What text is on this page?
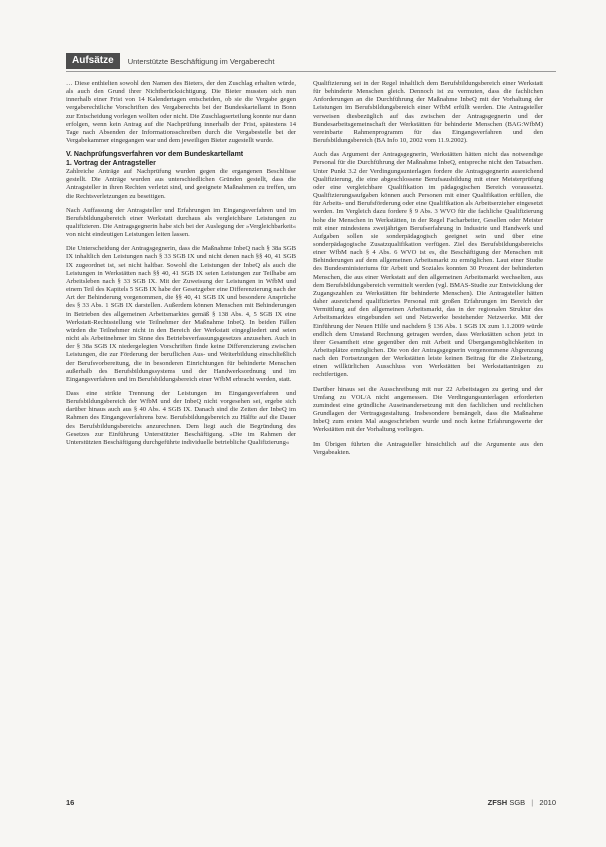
Aufsätze	Unterstützte Beschäftigung im Vergaberecht

… Diese enthielten sowohl den Namen des Bieters, der den Zuschlag erhalten würde, als auch den Grund ihrer Nichtberücksichtigung. Die Bieter mussten sich nun innerhalb einer Frist von 14 Kalendertagen entscheiden, ob sie die Vergabe gegen vergaberechtliche Vorschriften des Vergaberechts bei der Bundeskartellamt in Bonn zur Entscheidung vorlegen wollten oder nicht. Die Zuschlagserteilung konnte nur dann erfolgen, wenn kein Antrag auf die Nachprüfung innerhalb der Frist, spätestens 14 Tage nach Absenden der Informationsschreiben durch die Vergabestelle bei der Vergabekammer eingegangen war und dem jeweiligen Bieter zugestellt wurde.

V. Nachprüfungsverfahren vor dem Bundeskartellamt
1. Vortrag der Antragsteller

Zahlreiche Anträge auf Nachprüfung wurden gegen die ergangenen Beschlüsse gestellt. Die Anträge wurden aus unterschiedlichen Gründen gestellt, dass die Antragsteller in ihren Rechten verletzt sind, und geeignete Maßnahmen zu treffen, um die Rechtsverletzungen zu beseitigen.

Nach Auffassung der Antragsteller und Erfahrungen im Eingangsverfahren und im Berufsbildungsbereich einer Werkstatt durchaus als vergleichbare Leistungen zu qualifizieren. Die Antragsgegnerin habe sich bei der Auslegung der »Vergleichbarkeit« von nicht eindeutigen Leistungen leiten lassen.

Die Unterscheidung der Antragsgegnerin, dass die Maßnahme InbeQ nach § 38a SGB IX inhaltlich den Leistungen nach § 33 SGB IX und nicht denen nach §§ 40, 41 SGB IX zugeordnet ist, sei nicht haltbar. Sowohl die Leistungen der InbeQ als auch die Leistungen in Werkstätten nach §§ 40, 41 SGB IX seien Leistungen zur Teilhabe am Arbeitsleben nach § 33 SGB IX. Mit der Zuweisung der Leistungen in WfbM und einem Teil des Kapitels 5 SGB IX habe der Gesetzgeber eine Differenzierung nach der Art der Behinderung vorgenommen, die §§ 40, 41 SGB IX und besondere Ansprüche des § 33 Abs. 1 SGB IX darstellen. Außerdem können Menschen mit Behinderungen in Betrieben des allgemeinen Arbeitsmarktes gemäß § 138 Abs. 4, 5 SGB IX eine Werkstatt-Rechtsstellung wie Teilnehmer der Maßnahme InbeQ. In beiden Fällen würden die Teilnehmer nicht in den Bereich der Werkstatt eingegliedert und seien nicht als Arbeitnehmer im Sinne des Betriebsverfassungsgesetzes anzusehen. Auch in der § 38a SGB IX niedergelegten Vorschriften finde keine Differenzierung zwischen Leistungen, die zur Förderung der beruflichen Aus- und Weiterbildung einschließlich der Berufsvorbereitung, die in besonderen Einrichtungen für behinderte Menschen außerhalb des Berufsbildungssystems und der Handwerksordnung und im Eingangsverfahren und im Berufsbildungsbereich einer WfbM erbracht werden, statt.

Dass eine strikte Trennung der Leistungen im Eingangsverfahren und Berufsbildungsbereich der WfbM und der InbeQ nicht vorgesehen sei, ergebe sich darüber hinaus auch aus § 40 Abs. 4 SGB IX. Danach sind die Zeiten der InbeQ im Rahmen des Eingangsverfahrens bzw. Berufsbildungsbereich zu Hälfte auf die Dauer des Berufsbildungsbereichs anzurechnen. Dem liegt auch die Begründung des Gesetzes zur Einführung Unterstützter Beschäftigung. »Die im Rahmen der Unterstützten Beschäftigung durchgeführte individuelle betriebliche Qualifizierung«

Qualifizierung sei in der Regel inhaltlich dem Berufsbildungsbereich einer Werkstatt für behinderte Menschen gleich. Dennoch ist zu vermuten, dass die fachlichen Anforderungen an die Durchführung der Maßnahme InbeQ mit der Vorhaltung der Leistungen im Berufsbildungsbereich einer WfbM erfüllt werden. Die Antragsteller verweisen diesbezüglich auf das zwischen der Antragsgegnerin und der Bundesarbeitsgemeinschaft der Werkstätten für behinderte Menschen (BAG:WfbM) vereinbarte Rahmenprogramm für das Eingangsverfahren und den Berufsbildungsbereich (BA Info 10, 2002 vom 11.9.2002).

Auch das Argument der Antragsgegnerin, Werkstätten hätten nicht das notwendige Personal für die Durchführung der Maßnahme InbeQ, entspreche nicht den Tatsachen. Unter Punkt 3.2 der Verdingungsunterlagen fordere die Antragsgegnerin ausreichend Qualifizierung, die eine abgeschlossene Berufsausbildung mit einer Meisterprüfung oder eine vergleichbare Qualifikation im pädagogischen Bereich voraussetzt. Qualifizierungsaufgaben können auch Personen mit einer Qualifikation erfüllen, die für Arbeits- und Berufsförderung oder eine Qualifikation als Arbeitserzieher eingesetzt werden. Im Vergleich dazu fordere § 9 Abs. 3 WVO für die fachliche Qualifizierung hohe die Menschen in Werkstätten, in der Regel Facharbeiter, Gesellen oder Meister mit einer mindestens zweijährigen Berufserfahrung in Industrie und Handwerk und Aufgaben sollen sie sonderpädagogisch geeignet sein und über eine sonderpädagogische Zusatzqualifikation verfügen. Ziel des Berufsbildungsbereichs einer WfbM nach § 4 Abs. 6 WVO ist es, die Beschäftigung der Menschen mit Behinderungen auf dem allgemeinen Arbeitsmarkt zu ermöglichen. Laut einer Studie des Bundesministeriums für Arbeit und Soziales konnten 30 Prozent der behinderten Menschen, die aus einer Werkstatt auf den allgemeinen Arbeitsmarkt wechselten, aus dem Berufsbildungsbereich vermittelt werden (vgl. BMAS-Studie zur Entwicklung der Zugangszahlen zu Werkstätten für behinderte Menschen). Die Antragsteller hätten daher ausreichend qualifiziertes Personal mit großen Erfahrungen im Bereich der Vermittlung auf den allgemeinen Arbeitsmarkt, das in der regionalen Struktur des Arbeitsmarktes eingebunden sei und Netzwerke bestehender Netzwerke. Mit der Einführung der Neuen Hilfe und nachdem § 136 Abs. 1 SGB IX zum 1.1.2009 würde endlich dem Umstand Rechnung getragen werden, dass Werkstätten schon jetzt in ihrer Gesamtheit eine gegenüber den mit Arbeit und Übergangsmöglichkeiten in Arbeitsplätze ermöglichen. Die von der Antragsgegnerin vorgenommene Abgrenzung nach den Fortsetzungen der Werkstätten leiste keinen Beitrag für die Zielsetzung, einen willkürlichen Ausschluss von Werkstätten bei Werkstattanträgen zu rechtfertigen.

Darüber hinaus sei die Ausschreibung mit nur 22 Arbeitstagen zu gering und der Umfang zu VOL/A nicht angemessen. Die Verdingungsunterlagen erforderten zumindest eine gründliche Auseinandersetzung mit den fachlichen und rechtlichen Grundlagen der Vertragsgestaltung. Insbesondere bemängelt, dass die Maßnahme InbeQ zum ersten Mal ausgeschrieben wurde und noch keine Erfahrungswerte der Werkstätten mit der Vorhaltung vorliegen.

Im Übrigen führten die Antragsteller hinsichtlich auf die Argumente aus den Vergabeakten.

16	ZFSH SGB | 2010
